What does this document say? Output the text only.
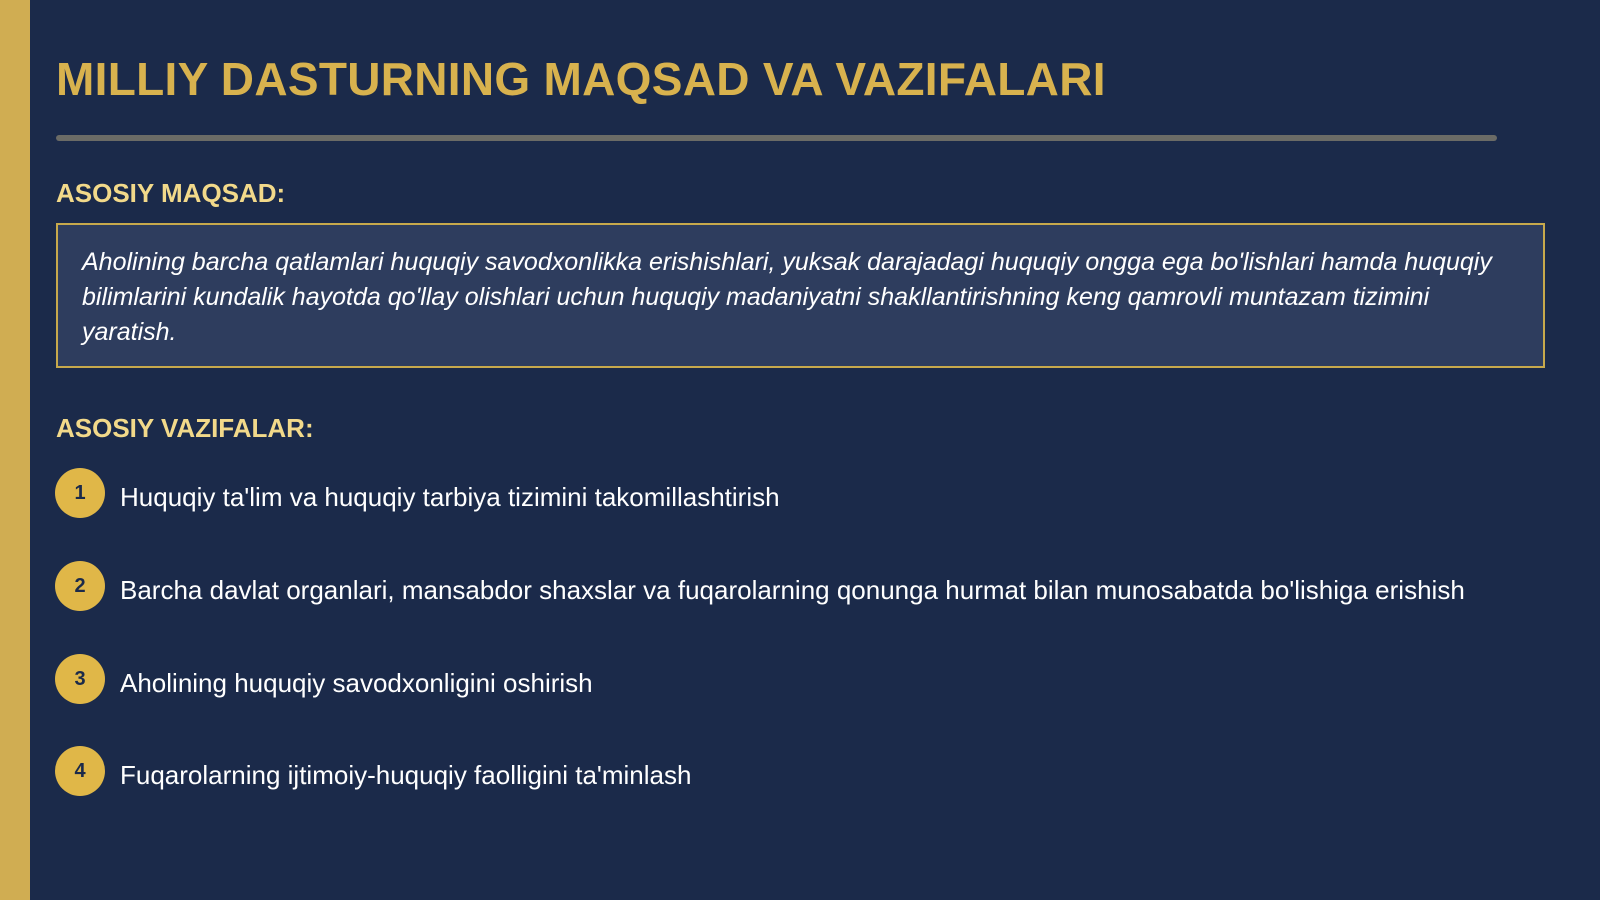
MILLIY DASTURNING MAQSAD VA VAZIFALARI
ASOSIY MAQSAD:

Aholining barcha qatlamlari huquqiy savodxonlikka erishishlari, yuksak darajadagi huquqiy ongga ega bo'lishlari hamda huquqiy bilimlarini kundalik hayotda qo'llay olishlari uchun huquqiy madaniyatni shakllantirishning keng qamrovli muntazam tizimini yaratish.

ASOSIY VAZIFALAR:
1	Huquqiy ta'lim va huquqiy tarbiya tizimini takomillashtirish
2	Barcha davlat organlari, mansabdor shaxslar va fuqarolarning qonunga hurmat bilan munosabatda bo'lishiga erishish
3	Aholining huquqiy savodxonligini oshirish
4	Fuqarolarning ijtimoiy-huquqiy faolligini ta'minlash
